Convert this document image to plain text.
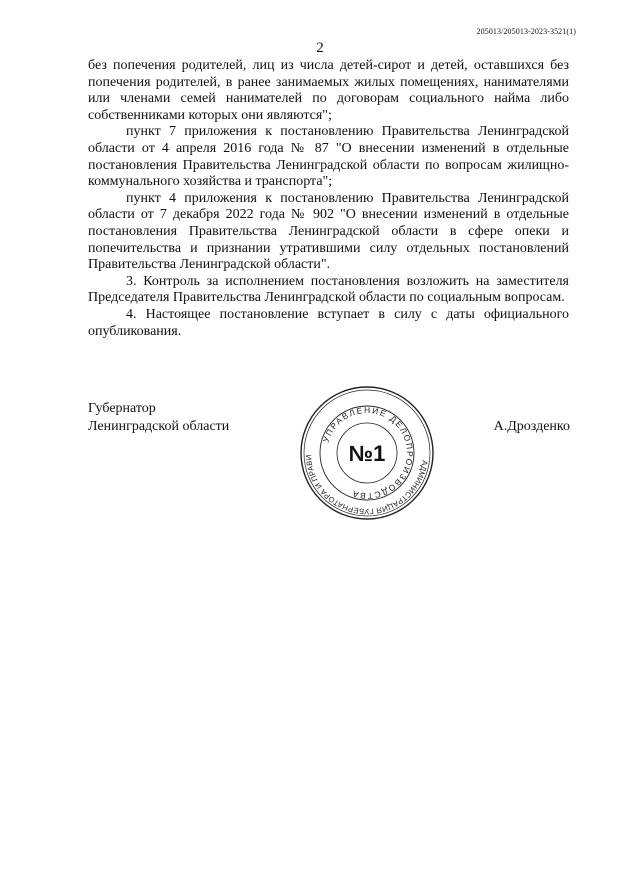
205013/205013-2023-3521(1)
2

без попечения родителей, лиц из числа детей-сирот и детей, оставшихся без попечения родителей, в ранее занимаемых жилых помещениях, нанимателями или членами семей нанимателей по договорам социального найма либо собственниками которых они являются";

пункт 7 приложения к постановлению Правительства Ленинградской области от 4 апреля 2016 года № 87 "О внесении изменений в отдельные постановления Правительства Ленинградской области по вопросам жилищно-коммунального хозяйства и транспорта";

пункт 4 приложения к постановлению Правительства Ленинградской области от 7 декабря 2022 года № 902 "О внесении изменений в отдельные постановления Правительства Ленинградской области в сфере опеки и попечительства и признании утратившими силу отдельных постановлений Правительства Ленинградской области".

3. Контроль за исполнением постановления возложить на заместителя Председателя Правительства Ленинградской области по социальным вопросам.

4. Настоящее постановление вступает в силу с даты официального опубликования.

Губернатор
Ленинградской области
АДМИНИСТРАЦИЯ ГУБЕРНАТОРА И ПРАВИ
УПРАВЛЕНИЕ ДЕЛОПРОИЗВОДСТВА
№1
А.Дрозденко
